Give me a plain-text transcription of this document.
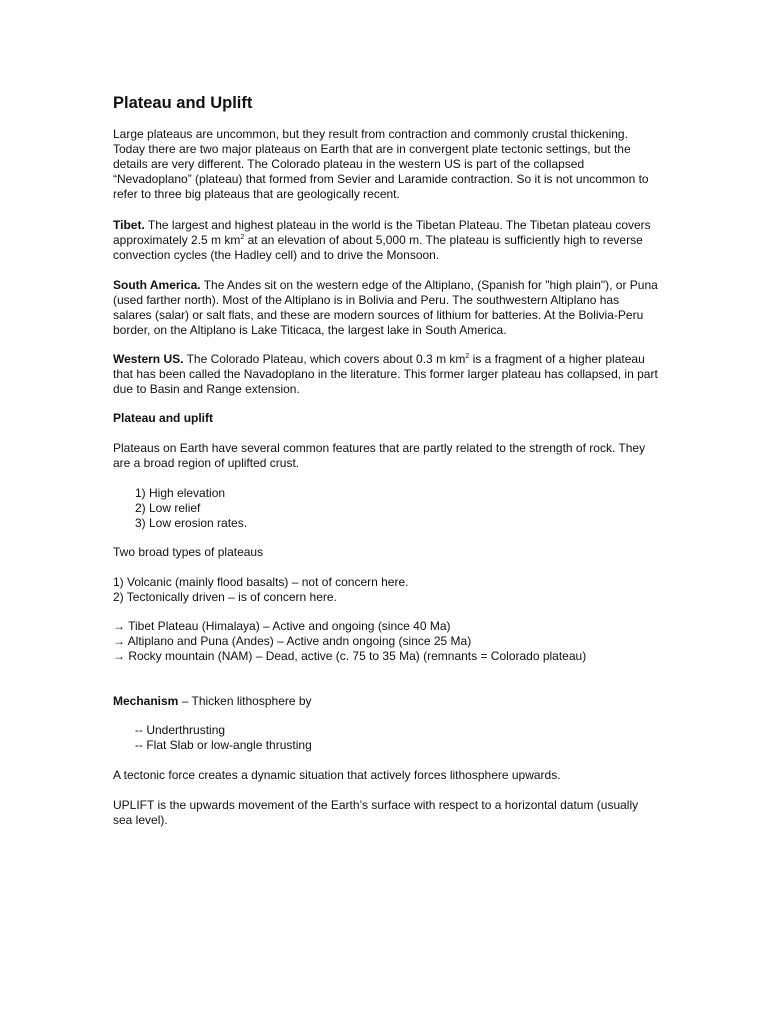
Plateau and Uplift

Large plateaus are uncommon, but they result from contraction and commonly crustal thickening. Today there are two major plateaus on Earth that are in convergent plate tectonic settings, but the details are very different. The Colorado plateau in the western US is part of the collapsed “Nevadoplano” (plateau) that formed from Sevier and Laramide contraction. So it is not uncommon to refer to three big plateaus that are geologically recent.

Tibet. The largest and highest plateau in the world is the Tibetan Plateau. The Tibetan plateau covers approximately 2.5 m $km^2$ at an elevation of about 5,000 m. The plateau is sufficiently high to reverse convection cycles (the Hadley cell) and to drive the Monsoon.

South America. The Andes sit on the western edge of the Altiplano, (Spanish for "high plain"), or Puna (used farther north). Most of the Altiplano is in Bolivia and Peru. The southwestern Altiplano has salares (salar) or salt flats, and these are modern sources of lithium for batteries. At the Bolivia-Peru border, on the Altiplano is Lake Titicaca, the largest lake in South America.

Western US. The Colorado Plateau, which covers about 0.3 m $km^2$ is a fragment of a higher plateau that has been called the Navadoplano in the literature. This former larger plateau has collapsed, in part due to Basin and Range extension.

Plateau and uplift

Plateaus on Earth have several common features that are partly related to the strength of rock. They are a broad region of uplifted crust.

1) High elevation
2) Low relief
3) Low erosion rates.

Two broad types of plateaus

1) Volcanic (mainly flood basalts) – not of concern here.
2) Tectonically driven – is of concern here.
→ Tibet Plateau (Himalaya) – Active and ongoing (since 40 Ma)
→ Altiplano and Puna (Andes) – Active andn ongoing (since 25 Ma)
→ Rocky mountain (NAM) – Dead, active (c. 75 to 35 Ma) (remnants = Colorado plateau)

Mechanism – Thicken lithosphere by

-- Underthrusting
-- Flat Slab or low-angle thrusting

A tectonic force creates a dynamic situation that actively forces lithosphere upwards.

UPLIFT is the upwards movement of the Earth’s surface with respect to a horizontal datum (usually sea level).
